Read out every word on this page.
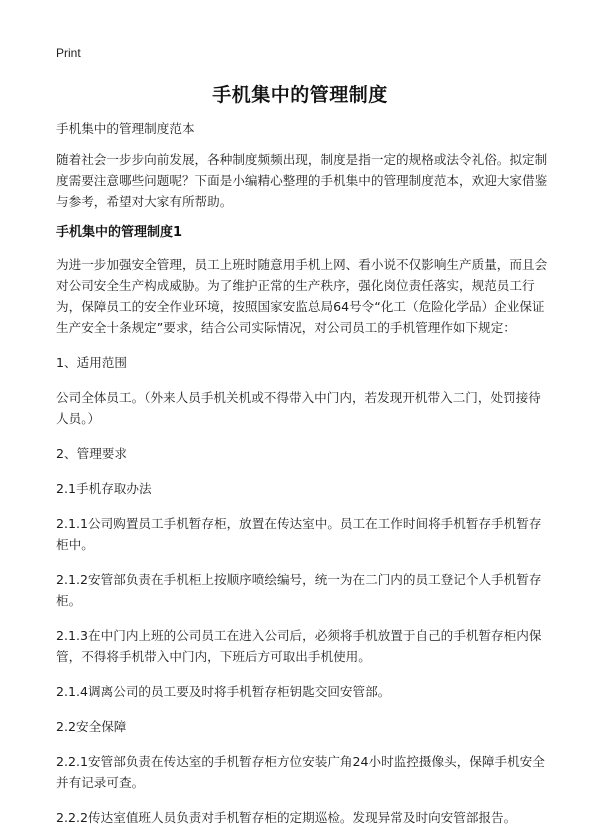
Print
手机集中的管理制度

手机集中的管理制度范本

随着社会一步步向前发展，各种制度频频出现，制度是指一定的规格或法令礼俗。拟定制度需要注意哪些问题呢？下面是小编精心整理的手机集中的管理制度范本，欢迎大家借鉴与参考，希望对大家有所帮助。

手机集中的管理制度1

为进一步加强安全管理，员工上班时随意用手机上网、看小说不仅影响生产质量，而且会对公司安全生产构成威胁。为了维护正常的生产秩序，强化岗位责任落实，规范员工行为，保障员工的安全作业环境，按照国家安监总局64号令“化工（危险化学品）企业保证生产安全十条规定”要求，结合公司实际情况，对公司员工的手机管理作如下规定：

1、适用范围

公司全体员工。（外来人员手机关机或不得带入中门内，若发现开机带入二门，处罚接待人员。）

2、管理要求

2.1手机存取办法

2.1.1公司购置员工手机暂存柜，放置在传达室中。员工在工作时间将手机暂存手机暂存柜中。

2.1.2安管部负责在手机柜上按顺序喷绘编号，统一为在二门内的员工登记个人手机暂存柜。

2.1.3在中门内上班的公司员工在进入公司后，必须将手机放置于自己的手机暂存柜内保管，不得将手机带入中门内，下班后方可取出手机使用。

2.1.4调离公司的员工要及时将手机暂存柜钥匙交回安管部。

2.2安全保障

2.2.1安管部负责在传达室的手机暂存柜方位安装广角24小时监控摄像头，保障手机安全并有记录可查。

2.2.2传达室值班人员负责对手机暂存柜的定期巡检。发现异常及时向安管部报告。
